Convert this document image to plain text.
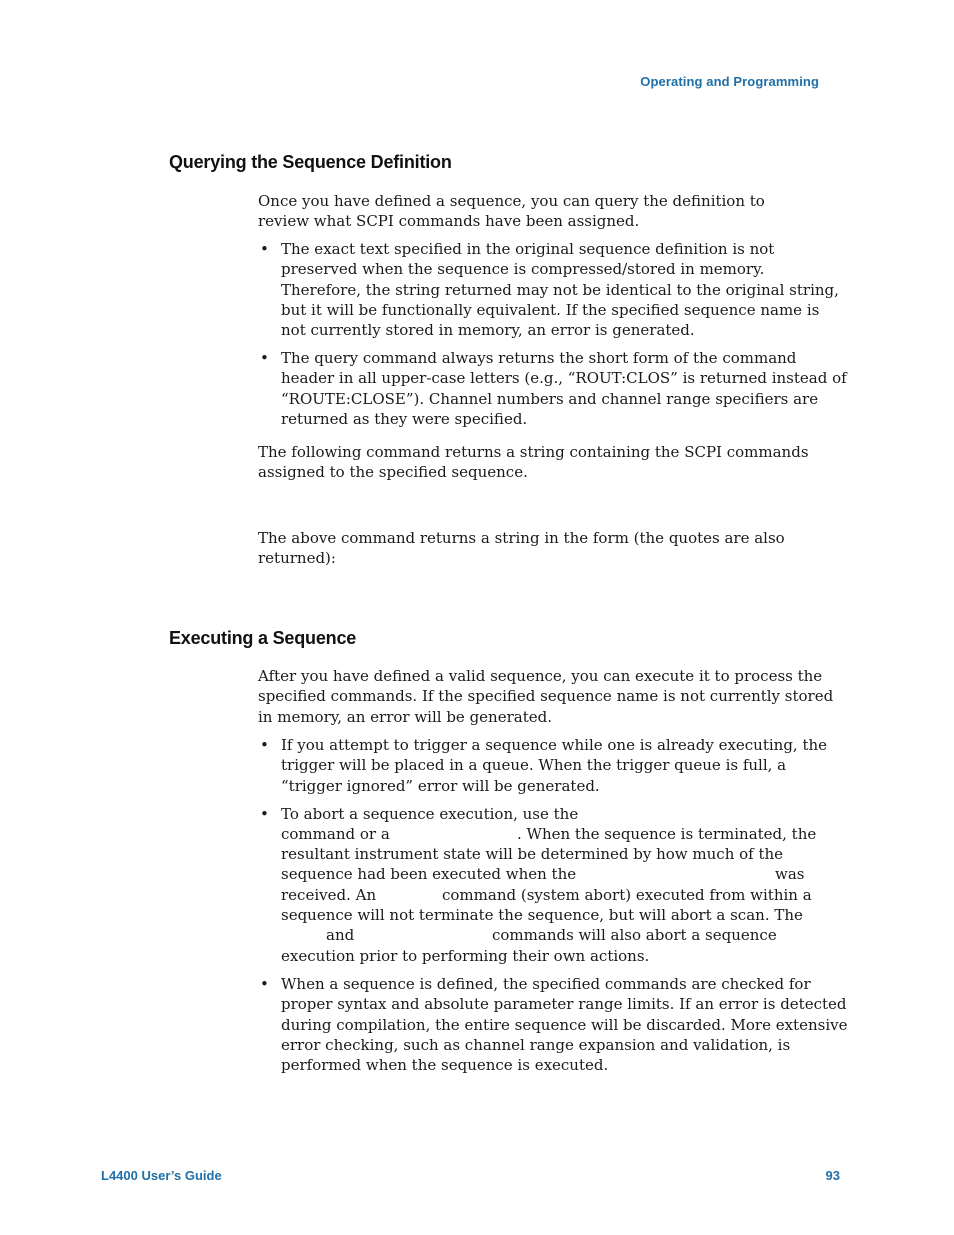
Operating and Programming
Querying the Sequence Definition

Once you have defined a sequence, you can query the definition to review what SCPI commands have been assigned.

• The exact text specified in the original sequence definition is not preserved when the sequence is compressed/stored in memory. Therefore, the string returned may not be identical to the original string, but it will be functionally equivalent. If the specified sequence name is not currently stored in memory, an error is generated.
• The query command always returns the short form of the command header in all upper-case letters (e.g., “ROUT:CLOS” is returned instead of “ROUTE:CLOSE”). Channel numbers and channel range specifiers are returned as they were specified.

The following command returns a string containing the SCPI commands assigned to the specified sequence.

The above command returns a string in the form (the quotes are also returned):

Executing a Sequence

After you have defined a valid sequence, you can execute it to process the specified commands. If the specified sequence name is not currently stored in memory, an error will be generated.

• If you attempt to trigger a sequence while one is already executing, the trigger will be placed in a queue. When the trigger queue is full, a “trigger ignored” error will be generated.
• To abort a sequence execution, use the
command or a	. When the sequence is terminated, the
resultant instrument state will be determined by how much of the
sequence had been executed when the	was
received. An	command (system abort) executed from within a
sequence will not terminate the sequence, but will abort a scan. The
and	commands will also abort a sequence
execution prior to performing their own actions.
• When a sequence is defined, the specified commands are checked for proper syntax and absolute parameter range limits. If an error is detected during compilation, the entire sequence will be discarded. More extensive error checking, such as channel range expansion and validation, is performed when the sequence is executed.
L4400 User’s Guide	93
